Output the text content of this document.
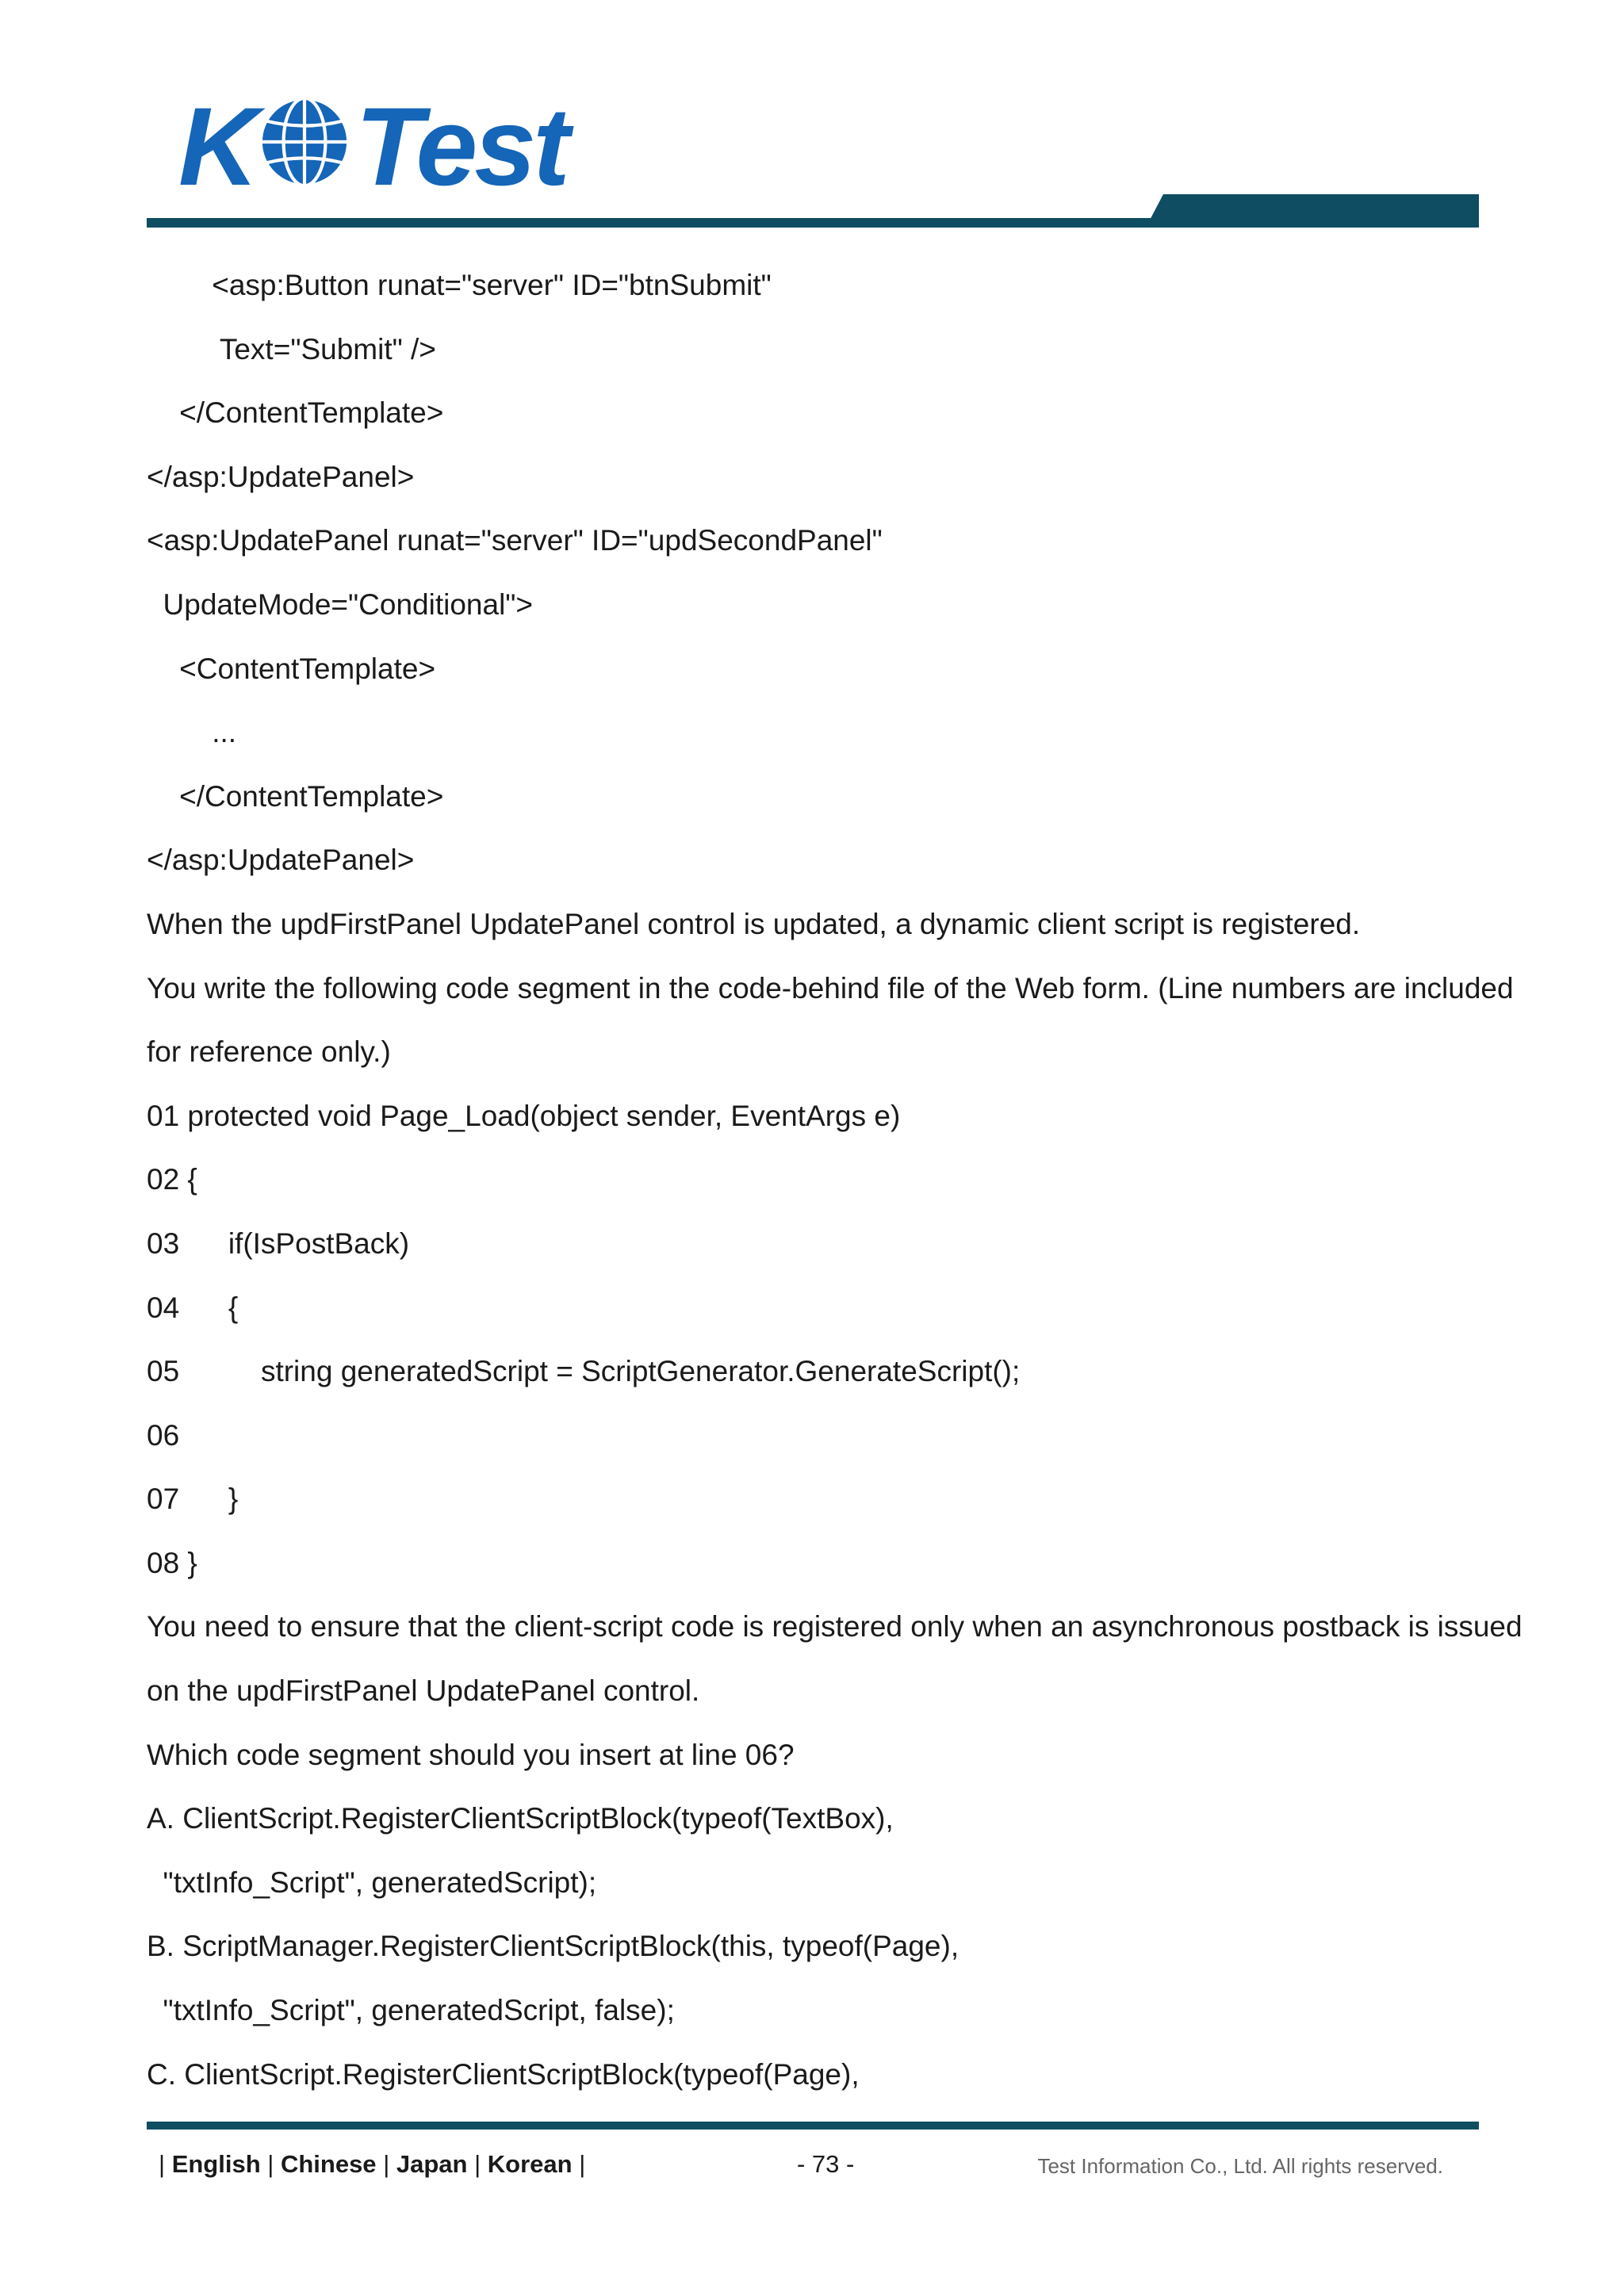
K Test
<asp:Button runat="server" ID="btnSubmit"
Text="Submit" />
</ContentTemplate>
</asp:UpdatePanel>
<asp:UpdatePanel runat="server" ID="updSecondPanel"
UpdateMode="Conditional">
<ContentTemplate>
...
</ContentTemplate>
</asp:UpdatePanel>
When the updFirstPanel UpdatePanel control is updated, a dynamic client script is registered.
You write the following code segment in the code-behind file of the Web form. (Line numbers are included
for reference only.)
01 protected void Page_Load(object sender, EventArgs e)
02 {
03      if(IsPostBack)
04      {
05          string generatedScript = ScriptGenerator.GenerateScript();
06
07      }
08 }
You need to ensure that the client-script code is registered only when an asynchronous postback is issued
on the updFirstPanel UpdatePanel control.
Which code segment should you insert at line 06?
A. ClientScript.RegisterClientScriptBlock(typeof(TextBox),
"txtInfo_Script", generatedScript);
B. ScriptManager.RegisterClientScriptBlock(this, typeof(Page),
"txtInfo_Script", generatedScript, false);
C. ClientScript.RegisterClientScriptBlock(typeof(Page),
| English | Chinese | Japan | Korean |	- 73 -	Test Information Co., Ltd. All rights reserved.
